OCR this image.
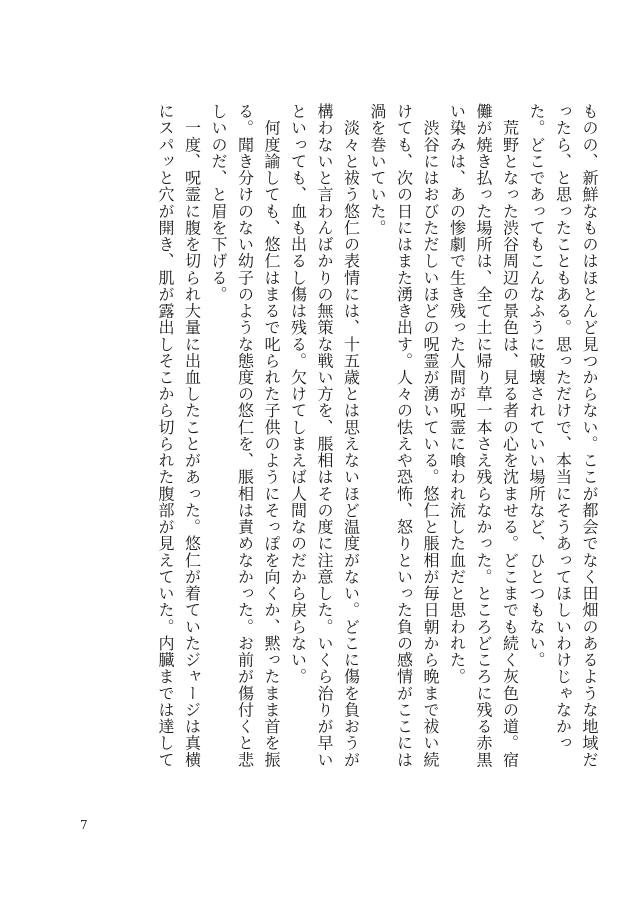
ものの、新鮮なものはほとんど見つからない。ここが都会でなく田畑のあるような地域だったら、と思ったこともある。思っただけで、本当にそうあってほしいわけじゃなかった。どこであってもこんなふうに破壊されていい場所など、ひとつもない。

　荒野となった渋谷周辺の景色は、見る者の心を沈ませる。どこまでも続く灰色の道。宿儺が焼き払った場所は、全て土に帰り草一本さえ残らなかった。ところどころに残る赤黒い染みは、あの惨劇で生き残った人間が呪霊に喰われ流した血だと思われた。

　渋谷にはおびただしいほどの呪霊が湧いている。悠仁と脹相が毎日朝から晩まで祓い続けても、次の日にはまた湧き出す。人々の怯えや恐怖、怒りといった負の感情がここには渦を巻いていた。

　淡々と祓う悠仁の表情には、十五歳とは思えないほど温度がない。どこに傷を負おうが構わないと言わんばかりの無策な戦い方を、脹相はその度に注意した。いくら治りが早いといっても、血も出るし傷は残る。欠けてしまえば人間なのだから戻らない。

　何度諭しても、悠仁はまるで叱られた子供のようにそっぽを向くか、黙ったまま首を振る。聞き分けのない幼子のような態度の悠仁を、脹相は責めなかった。お前が傷付くと悲しいのだ、と眉を下げる。

　一度、呪霊に腹を切られ大量に出血したことがあった。悠仁が着ていたジャージは真横にスパッと穴が開き、肌が露出しそこから切られた腹部が見えていた。内臓までは達して

7
